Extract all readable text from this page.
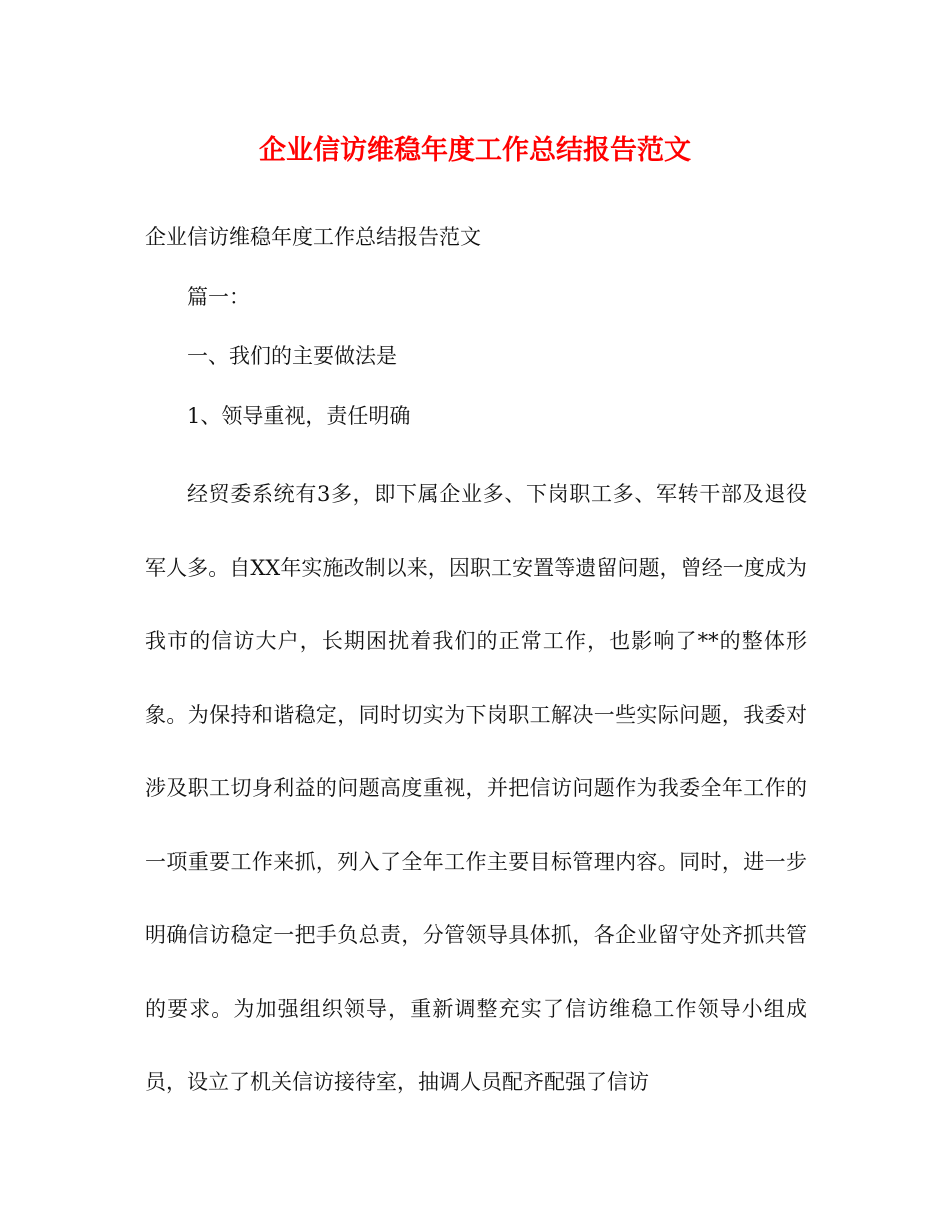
企业信访维稳年度工作总结报告范文
企业信访维稳年度工作总结报告范文
篇一：
一、我们的主要做法是
1、领导重视，责任明确
经贸委系统有3多，即下属企业多、下岗职工多、军转干部及退役军人多。自XX年实施改制以来，因职工安置等遗留问题，曾经一度成为我市的信访大户，长期困扰着我们的正常工作，也影响了**的整体形象。为保持和谐稳定，同时切实为下岗职工解决一些实际问题，我委对涉及职工切身利益的问题高度重视，并把信访问题作为我委全年工作的一项重要工作来抓，列入了全年工作主要目标管理内容。同时，进一步明确信访稳定一把手负总责，分管领导具体抓，各企业留守处齐抓共管的要求。为加强组织领导，重新调整充实了信访维稳工作领导小组成员，设立了机关信访接待室，抽调人员配齐配强了信访
